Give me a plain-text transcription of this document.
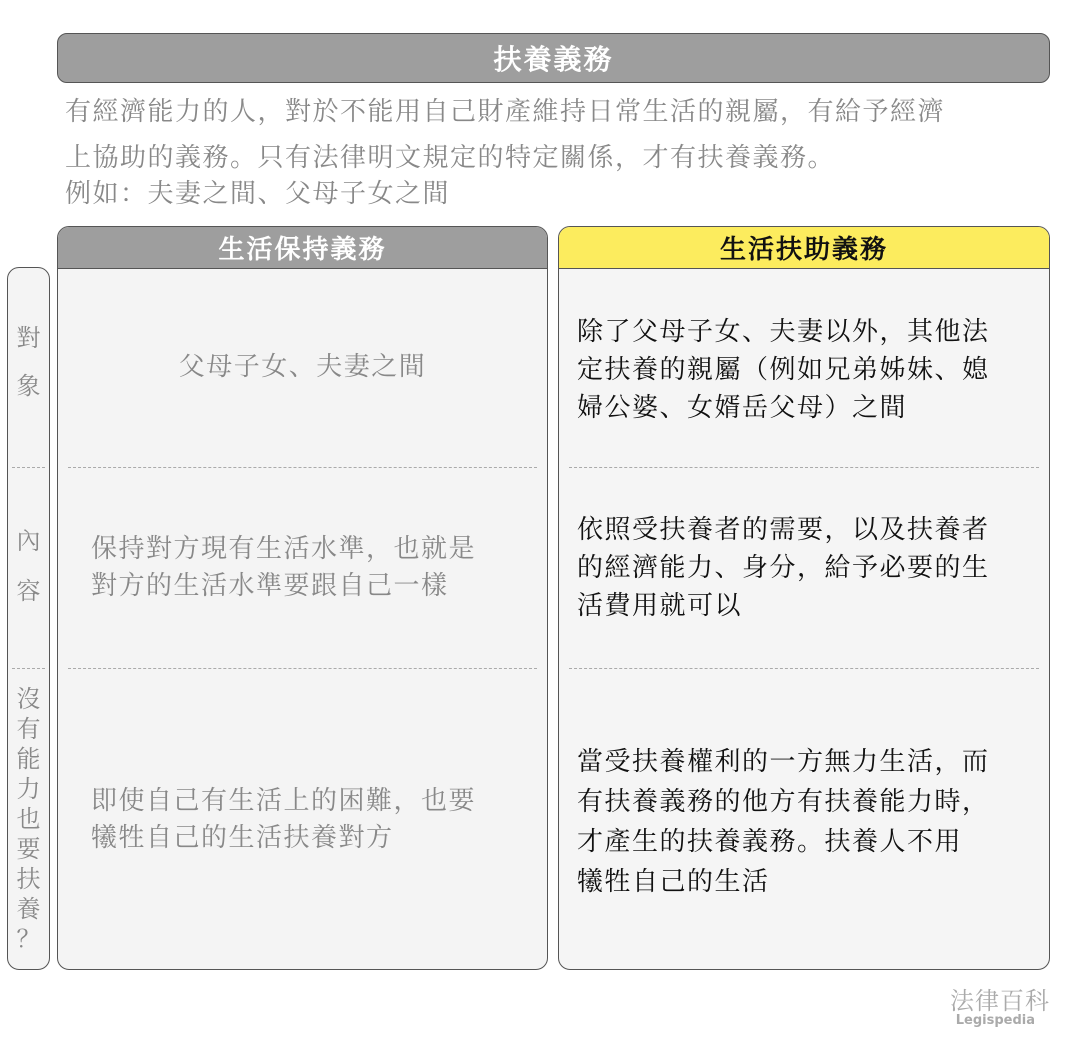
扶養義務
有經濟能力的人，對於不能用自己財產維持日常生活的親屬，有給予經濟
上協助的義務。只有法律明文規定的特定關係，才有扶養義務。
例如：夫妻之間、父母子女之間
對
象
內
容
沒
有
能
力
也
要
扶
養
？
生活保持義務
父母子女、夫妻之間
保持對方現有生活水準，也就是
對方的生活水準要跟自己一樣
即使自己有生活上的困難，也要
犧牲自己的生活扶養對方
生活扶助義務
除了父母子女、夫妻以外，其他法
定扶養的親屬（例如兄弟姊妹、媳
婦公婆、女婿岳父母）之間
依照受扶養者的需要，以及扶養者
的經濟能力、身分，給予必要的生
活費用就可以
當受扶養權利的一方無力生活，而
有扶養義務的他方有扶養能力時，
才產生的扶養義務。扶養人不用
犧牲自己的生活
法律百科
Legispedia
